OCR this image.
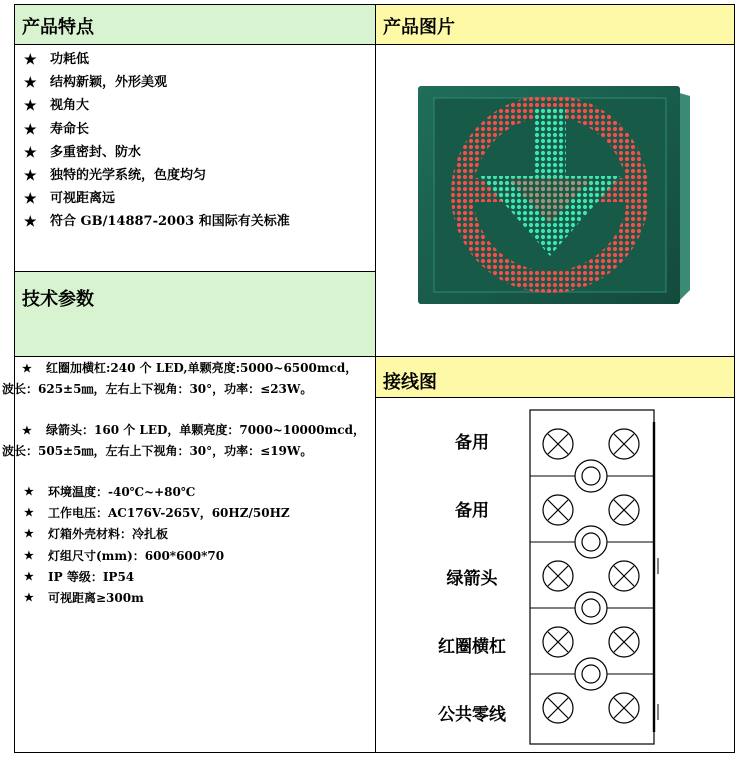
产品特点	产品图片
技术参数
接线图
★ 功耗低
★ 结构新颖，外形美观
★ 视角大
★ 寿命长
★ 多重密封、防水
★ 独特的光学系统，色度均匀
★ 可视距离远
★ 符合 GB/14887-2003 和国际有关标准
★ 红圈加横杠:240 个 LED,单颗亮度:5000~6500mcd，
波长：625±5㎚，左右上下视角：30°，功率：≤23W。
★ 绿箭头：160 个 LED，单颗亮度：7000~10000mcd，
波长：505±5㎚，左右上下视角：30°，功率：≤19W。
★ 环境温度：-40℃~+80℃
★ 工作电压：AC176V-265V，60HZ/50HZ
★ 灯箱外壳材料：冷扎板
★ 灯组尺寸(mm)：600*600*70
★ IP 等级：IP54
★ 可视距离≥300m
备用
备用
绿箭头
红圈横杠
公共零线
